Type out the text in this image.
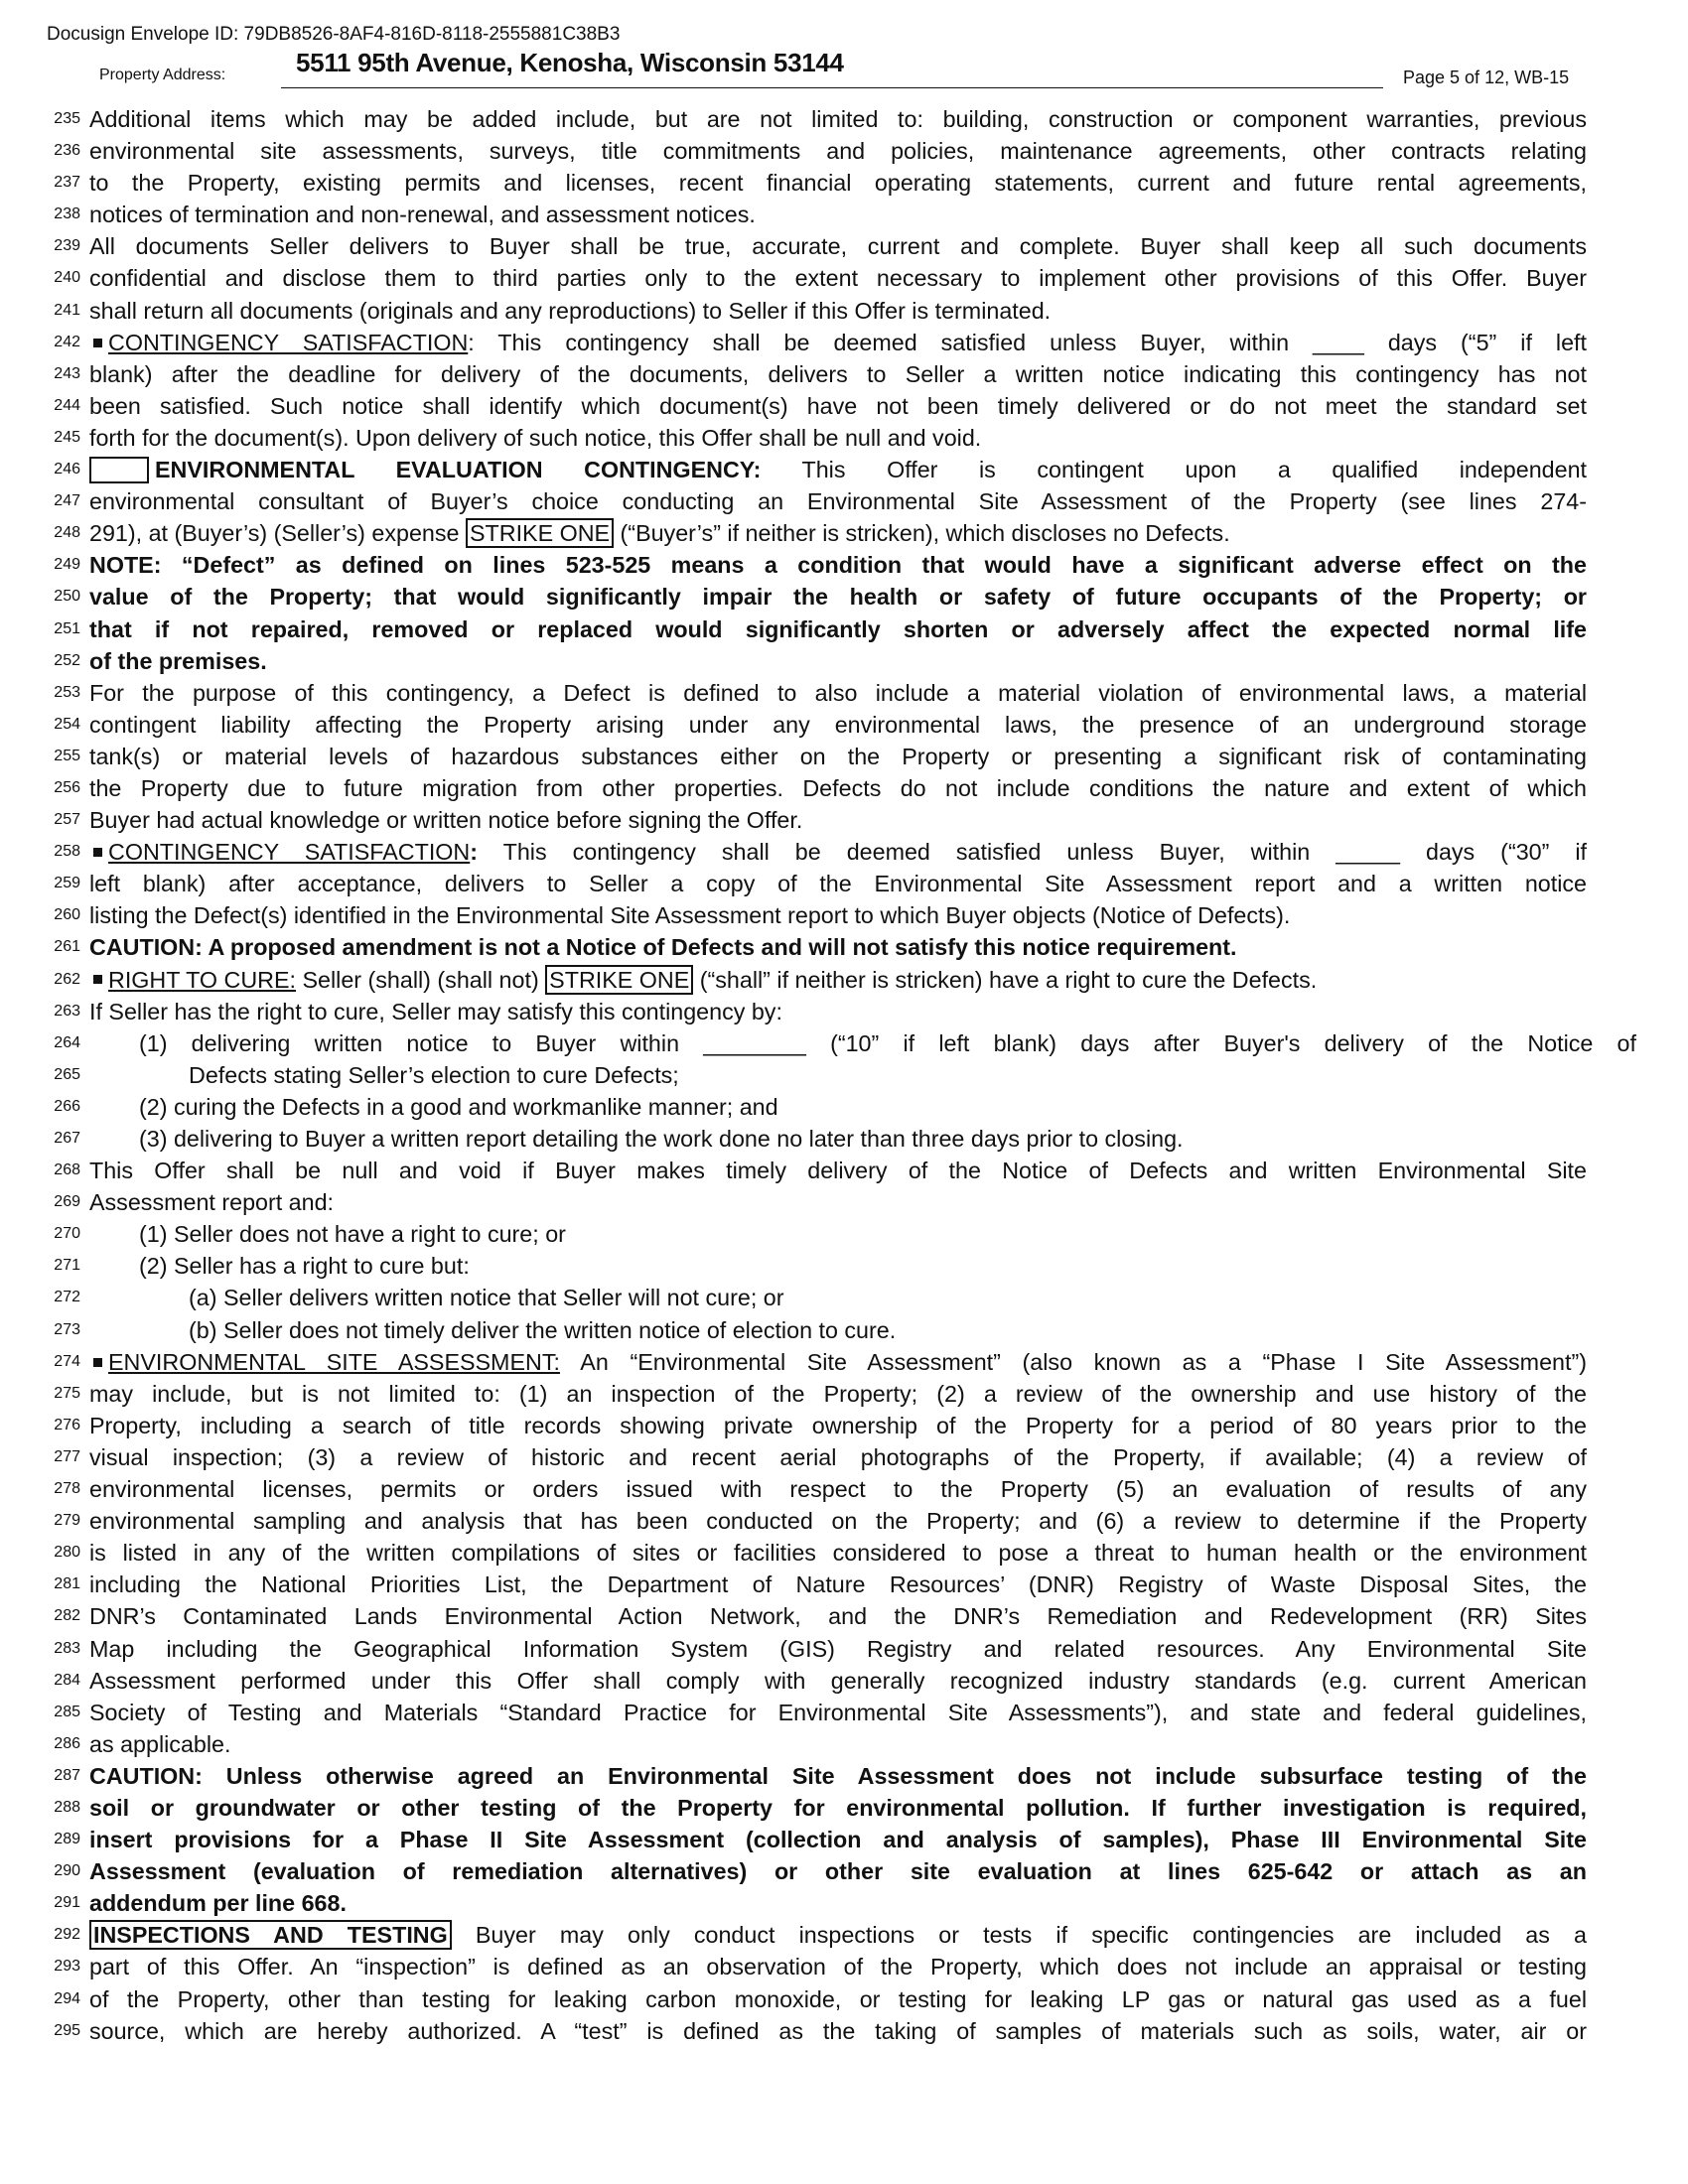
Docusign Envelope ID: 79DB8526-8AF4-816D-8118-2555881C38B3
Property Address:	5511 95th Avenue, Kenosha, Wisconsin 53144	Page 5 of 12, WB-15
235 Additional items which may be added include, but are not limited to: building, construction or component warranties, previous
236 environmental site assessments, surveys, title commitments and policies, maintenance agreements, other contracts relating
237 to the Property, existing permits and licenses, recent financial operating statements, current and future rental agreements,
238 notices of termination and non-renewal, and assessment notices.
239 All documents Seller delivers to Buyer shall be true, accurate, current and complete. Buyer shall keep all such documents
240 confidential and disclose them to third parties only to the extent necessary to implement other provisions of this Offer. Buyer
241 shall return all documents (originals and any reproductions) to Seller if this Offer is terminated.
242	CONTINGENCY SATISFACTION: This contingency shall be deemed satisfied unless Buyer, within ____ days (“5” if left
243 blank) after the deadline for delivery of the documents, delivers to Seller a written notice indicating this contingency has not
244 been satisfied. Such notice shall identify which document(s) have not been timely delivered or do not meet the standard set
245 forth for the document(s). Upon delivery of such notice, this Offer shall be null and void.
246	ENVIRONMENTAL EVALUATION CONTINGENCY: This Offer is contingent upon a qualified independent
247 environmental consultant of Buyer’s choice conducting an Environmental Site Assessment of the Property (see lines 274-
248 291), at (Buyer’s) (Seller’s) expense STRIKE ONE (“Buyer’s” if neither is stricken), which discloses no Defects.
249 NOTE: “Defect” as defined on lines 523-525 means a condition that would have a significant adverse effect on the
250 value of the Property; that would significantly impair the health or safety of future occupants of the Property; or
251 that if not repaired, removed or replaced would significantly shorten or adversely affect the expected normal life
252 of the premises.
253 For the purpose of this contingency, a Defect is defined to also include a material violation of environmental laws, a material
254 contingent liability affecting the Property arising under any environmental laws, the presence of an underground storage
255 tank(s) or material levels of hazardous substances either on the Property or presenting a significant risk of contaminating
256 the Property due to future migration from other properties. Defects do not include conditions the nature and extent of which
257 Buyer had actual knowledge or written notice before signing the Offer.
258	CONTINGENCY SATISFACTION: This contingency shall be deemed satisfied unless Buyer, within _____ days (“30” if
259 left blank) after acceptance, delivers to Seller a copy of the Environmental Site Assessment report and a written notice
260 listing the Defect(s) identified in the Environmental Site Assessment report to which Buyer objects (Notice of Defects).
261 CAUTION: A proposed amendment is not a Notice of Defects and will not satisfy this notice requirement.
262	RIGHT TO CURE: Seller (shall) (shall not) STRIKE ONE (“shall” if neither is stricken) have a right to cure the Defects.
263 If Seller has the right to cure, Seller may satisfy this contingency by:
264	(1) delivering written notice to Buyer within ________ (“10” if left blank) days after Buyer's delivery of the Notice of
265	Defects stating Seller’s election to cure Defects;
266	(2) curing the Defects in a good and workmanlike manner; and
267	(3) delivering to Buyer a written report detailing the work done no later than three days prior to closing.
268 This Offer shall be null and void if Buyer makes timely delivery of the Notice of Defects and written Environmental Site
269 Assessment report and:
270	(1) Seller does not have a right to cure; or
271	(2) Seller has a right to cure but:
272	(a) Seller delivers written notice that Seller will not cure; or
273	(b) Seller does not timely deliver the written notice of election to cure.
274	ENVIRONMENTAL SITE ASSESSMENT: An “Environmental Site Assessment” (also known as a “Phase I Site Assessment”)
275 may include, but is not limited to: (1) an inspection of the Property; (2) a review of the ownership and use history of the
276 Property, including a search of title records showing private ownership of the Property for a period of 80 years prior to the
277 visual inspection; (3) a review of historic and recent aerial photographs of the Property, if available; (4) a review of
278 environmental licenses, permits or orders issued with respect to the Property (5) an evaluation of results of any
279 environmental sampling and analysis that has been conducted on the Property; and (6) a review to determine if the Property
280 is listed in any of the written compilations of sites or facilities considered to pose a threat to human health or the environment
281 including the National Priorities List, the Department of Nature Resources’ (DNR) Registry of Waste Disposal Sites, the
282 DNR’s Contaminated Lands Environmental Action Network, and the DNR’s Remediation and Redevelopment (RR) Sites
283 Map including the Geographical Information System (GIS) Registry and related resources. Any Environmental Site
284 Assessment performed under this Offer shall comply with generally recognized industry standards (e.g. current American
285 Society of Testing and Materials “Standard Practice for Environmental Site Assessments”), and state and federal guidelines,
286 as applicable.
287 CAUTION: Unless otherwise agreed an Environmental Site Assessment does not include subsurface testing of the
288 soil or groundwater or other testing of the Property for environmental pollution. If further investigation is required,
289 insert provisions for a Phase II Site Assessment (collection and analysis of samples), Phase III Environmental Site
290 Assessment (evaluation of remediation alternatives) or other site evaluation at lines 625-642 or attach as an
291 addendum per line 668.
292 INSPECTIONS AND TESTING Buyer may only conduct inspections or tests if specific contingencies are included as a
293 part of this Offer. An “inspection” is defined as an observation of the Property, which does not include an appraisal or testing
294 of the Property, other than testing for leaking carbon monoxide, or testing for leaking LP gas or natural gas used as a fuel
295 source, which are hereby authorized. A “test” is defined as the taking of samples of materials such as soils, water, air or
